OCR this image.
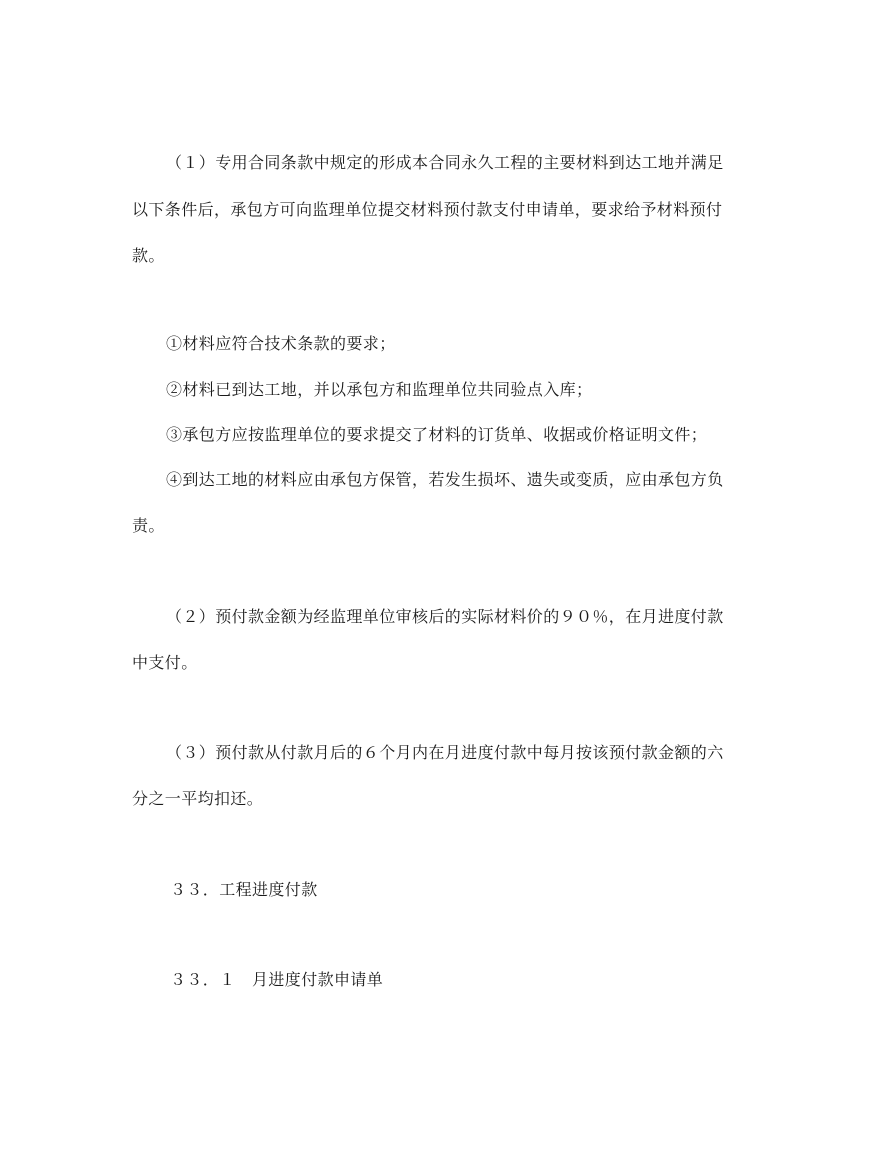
（１）专用合同条款中规定的形成本合同永久工程的主要材料到达工地并满足
以下条件后，承包方可向监理单位提交材料预付款支付申请单，要求给予材料预付
款。
①材料应符合技术条款的要求；
②材料已到达工地，并以承包方和监理单位共同验点入库；
③承包方应按监理单位的要求提交了材料的订货单、收据或价格证明文件；
④到达工地的材料应由承包方保管，若发生损坏、遗失或变质，应由承包方负
责。
（２）预付款金额为经监理单位审核后的实际材料价的９０％，在月进度付款
中支付。
（３）预付款从付款月后的６个月内在月进度付款中每月按该预付款金额的六
分之一平均扣还。
３３．工程进度付款
３３．１　月进度付款申请单
